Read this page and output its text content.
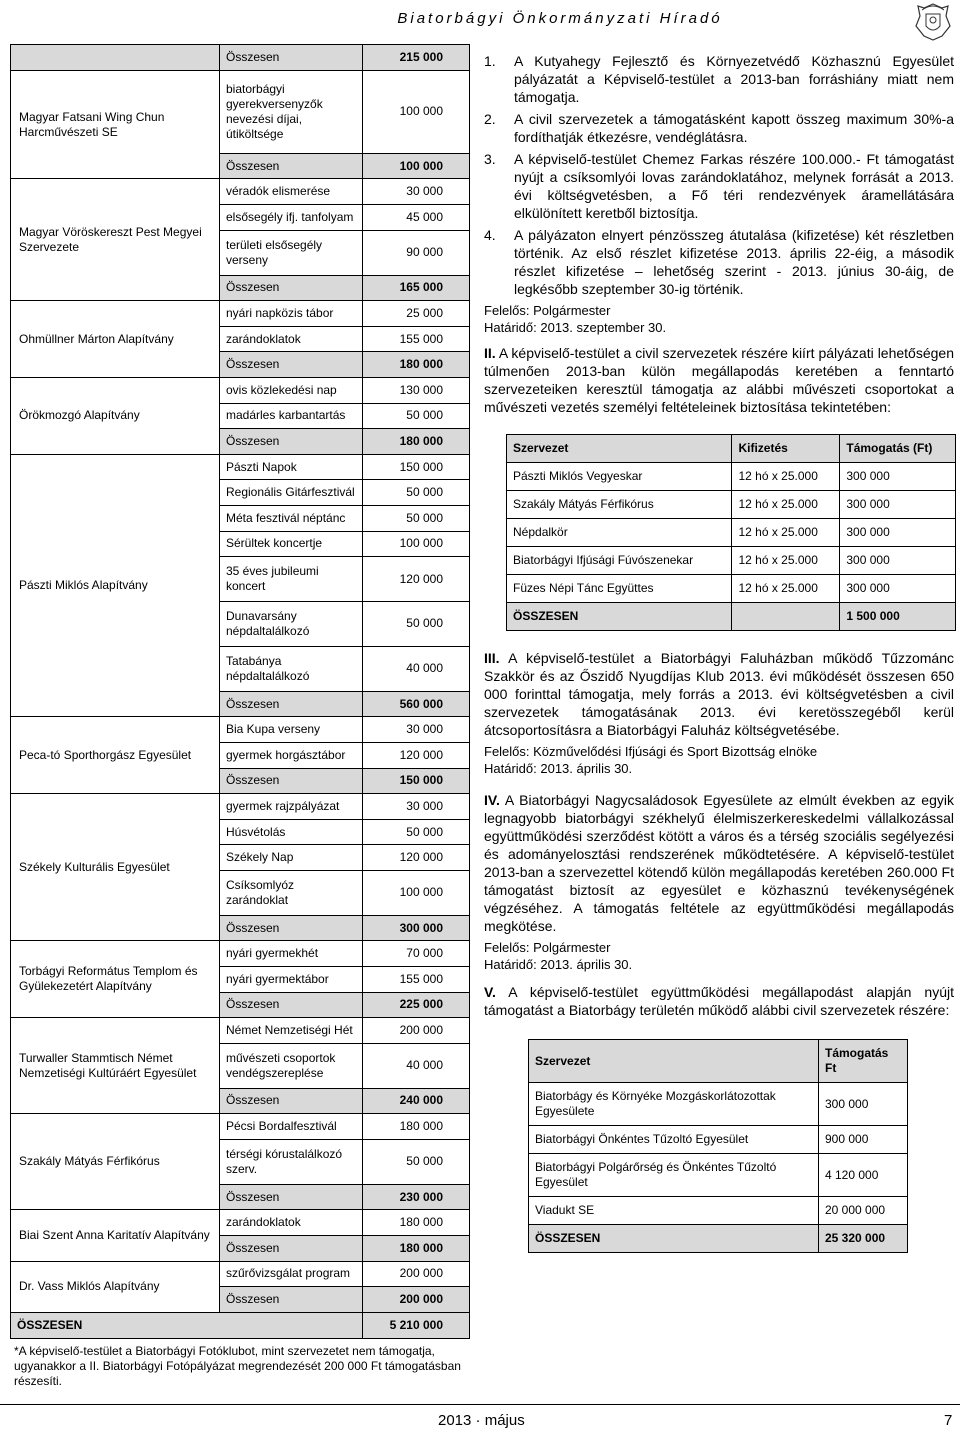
Biatorbágyi Önkormányzati Híradó
	Összesen	215 000
Magyar Fatsani Wing Chun Harcművészeti SE	biatorbágyi gyerekversenyzők nevezési díjai, útiköltsége	100 000
	Összesen	100 000
Magyar Vöröskereszt Pest Megyei Szervezete	véradók elismerése	30 000
	elsősegély ifj. tanfolyam	45 000
	területi elsősegély verseny	90 000
	Összesen	165 000
Ohmüllner Márton Alapítvány	nyári napközis tábor	25 000
	zarándoklatok	155 000
	Összesen	180 000
Örökmozgó Alapítvány	ovis közlekedési nap	130 000
	madárles karbantartás	50 000
	Összesen	180 000
Pászti Miklós Alapítvány	Pászti Napok	150 000
	Regionális Gitárfesztivál	50 000
	Méta fesztivál néptánc	50 000
	Sérültek koncertje	100 000
	35 éves jubileumi koncert	120 000
	Dunavarsány népdaltalálkozó	50 000
	Tatabánya népdaltalálkozó	40 000
	Összesen	560 000
Peca-tó Sporthorgász Egyesület	Bia Kupa verseny	30 000
	gyermek horgásztábor	120 000
	Összesen	150 000
Székely Kulturális Egyesület	gyermek rajzpályázat	30 000
	Húsvétolás	50 000
	Székely Nap	120 000
	Csíksomlyóz zarándoklat	100 000
	Összesen	300 000
Torbágyi Református Templom és Gyülekezetért Alapítvány	nyári gyermekhét	70 000
	nyári gyermektábor	155 000
	Összesen	225 000
Turwaller Stammtisch Német Nemzetiségi Kultúráért Egyesület	Német Nemzetiségi Hét	200 000
	művészeti csoportok vendégszereplése	40 000
	Összesen	240 000
Szakály Mátyás Férfikórus	Pécsi Bordalfesztivál	180 000
	térségi kórustalálkozó szerv.	50 000
	Összesen	230 000
Biai Szent Anna Karitatív Alapítvány	zarándoklatok	180 000
	Összesen	180 000
Dr. Vass Miklós Alapítvány	szűrővizsgálat program	200 000
	Összesen	200 000
ÖSSZESEN		5 210 000
*A képviselő-testület a Biatorbágyi Fotóklubot, mint szervezetet nem támogatja, ugyanakkor a II. Biatorbágyi Fotópályázat megrendezését 200 000 Ft támogatásban részesíti.
1.	A Kutyahegy Fejlesztő és Környezetvédő Közhasznú Egyesület pályázatát a Képviselő-testület a 2013-ban forráshiány miatt nem támogatja.
2.	A civil szervezetek a támogatásként kapott összeg maximum 30%-a fordíthatják étkezésre, vendéglátásra.
3.	A képviselő-testület Chemez Farkas részére 100.000.- Ft támogatást nyújt a csíksomlyói lovas zarándoklatához, melynek forrását a 2013. évi költségvetésben, a Fő téri rendezvények áramellátására elkülönített keretből biztosítja.
4.	A pályázaton elnyert pénzösszeg átutalása (kifizetése) két részletben történik. Az első részlet kifizetése 2013. április 22-éig, a második részlet kifizetése – lehetőség szerint - 2013. június 30-áig, de legkésőbb szeptember 30-ig történik.
Felelős: Polgármester
Határidő: 2013. szeptember 30.

II. A képviselő-testület a civil szervezetek részére kiírt pályázati lehetőségen túlmenően 2013-ban külön megállapodás keretében a fenntartó szervezeteiken keresztül támogatja az alábbi művészeti csoportokat a művészeti vezetés személyi feltételeinek biztosítása tekintetében:

Szervezet	Kifizetés	Támogatás (Ft)
Pászti Miklós Vegyeskar	12 hó x 25.000	300 000
Szakály Mátyás Férfikórus	12 hó x 25.000	300 000
Népdalkör	12 hó x 25.000	300 000
Biatorbágyi Ifjúsági Fúvószenekar	12 hó x 25.000	300 000
Füzes Népi Tánc Együttes	12 hó x 25.000	300 000
ÖSSZESEN		1 500 000

III. A képviselő-testület a Biatorbágyi Faluházban működő Tűzzománc Szakkör és az Őszidő Nyugdíjas Klub 2013. évi működését összesen 650 000 forinttal támogatja, mely forrás a 2013. évi költségvetésben a civil szervezetek támogatásának 2013. évi keretösszegéből kerül átcsoportosításra a Biatorbágyi Faluház költségvetésébe.

Felelős: Közművelődési Ifjúsági és Sport Bizottság elnöke
Határidő: 2013. április 30.

IV. A Biatorbágyi Nagycsaládosok Egyesülete az elmúlt években az egyik legnagyobb biatorbágyi székhelyű élelmiszerkereskedelmi vállalkozással együttműködési szerződést kötött a város és a térség szociális segélyezési és adományelosztási rendszerének működtetésére. A képviselő-testület 2013-ban a szervezettel kötendő külön megállapodás keretében 260.000 Ft támogatást biztosít az egyesület e közhasznú tevékenységének végzéséhez. A támogatás feltétele az együttműködési megállapodás megkötése.

Felelős: Polgármester
Határidő: 2013. április 30.

V. A képviselő-testület együttműködési megállapodást alapján nyújt támogatást a Biatorbágy területén működő alábbi civil szervezetek részére:

Szervezet	Támogatás Ft
Biatorbágy és Környéke Mozgáskorlátozottak Egyesülete	300 000
Biatorbágyi Önkéntes Tűzoltó Egyesület	900 000
Biatorbágyi Polgárőrség és Önkéntes Tűzoltó Egyesület	4 120 000
Viadukt SE	20 000 000
ÖSSZESEN	25 320 000
2013 · május	7
